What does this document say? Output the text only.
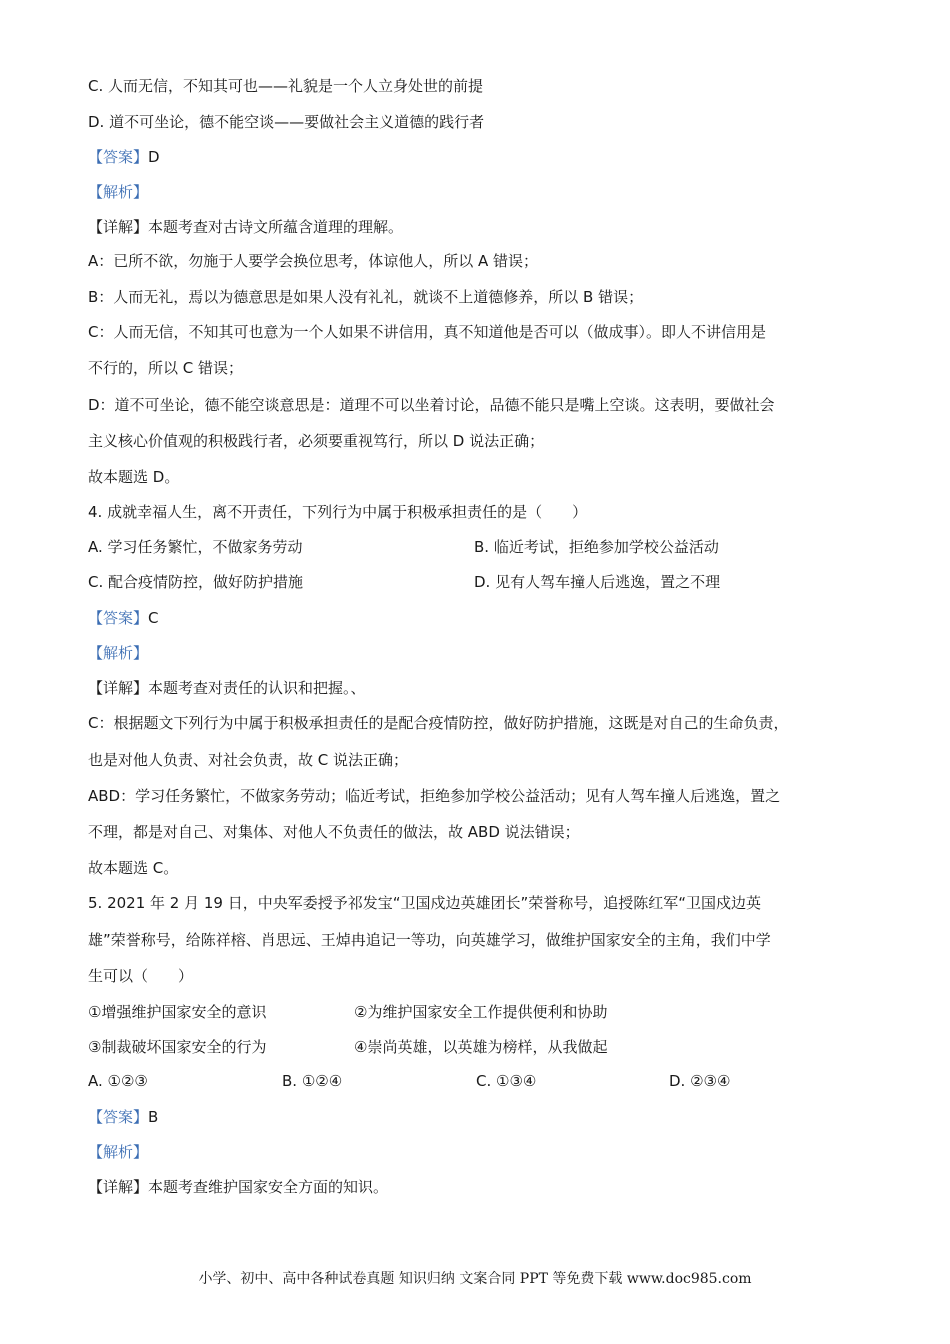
C. 人而无信，不知其可也——礼貌是一个人立身处世的前提
D. 道不可坐论，德不能空谈——要做社会主义道德的践行者
【答案】D
【解析】
【详解】本题考查对古诗文所蕴含道理的理解。
A：已所不欲，勿施于人要学会换位思考，体谅他人，所以 A 错误；
B：人而无礼，焉以为德意思是如果人没有礼礼，就谈不上道德修养，所以 B 错误；
C：人而无信，不知其可也意为一个人如果不讲信用，真不知道他是否可以（做成事）。即人不讲信用是
不行的，所以 C 错误；
D：道不可坐论，德不能空谈意思是：道理不可以坐着讨论，品德不能只是嘴上空谈。这表明，要做社会
主义核心价值观的积极践行者，必须要重视笃行，所以 D 说法正确；
故本题选 D。
4. 成就幸福人生，离不开责任，下列行为中属于积极承担责任的是（　　）
A. 学习任务繁忙，不做家务劳动	B. 临近考试，拒绝参加学校公益活动
C. 配合疫情防控，做好防护措施	D. 见有人驾车撞人后逃逸，置之不理
【答案】C
【解析】
【详解】本题考查对责任的认识和把握。、
C：根据题文下列行为中属于积极承担责任的是配合疫情防控，做好防护措施，这既是对自己的生命负责，
也是对他人负责、对社会负责，故 C 说法正确；
ABD：学习任务繁忙，不做家务劳动；临近考试，拒绝参加学校公益活动；见有人驾车撞人后逃逸，置之
不理，都是对自己、对集体、对他人不负责任的做法，故 ABD 说法错误；
故本题选 C。
5. 2021 年 2 月 19 日，中央军委授予祁发宝“卫国戍边英雄团长”荣誉称号，追授陈红军“卫国戍边英
雄”荣誉称号，给陈祥榕、肖思远、王焯冉追记一等功，向英雄学习，做维护国家安全的主角，我们中学
生可以（　　）
①增强维护国家安全的意识	②为维护国家安全工作提供便利和协助
③制裁破坏国家安全的行为	④崇尚英雄，以英雄为榜样，从我做起
A. ①②③	B. ①②④	C. ①③④	D. ②③④
【答案】B
【解析】
【详解】本题考查维护国家安全方面的知识。
小学、初中、高中各种试卷真题 知识归纳 文案合同 PPT 等免费下载 www.doc985.com
